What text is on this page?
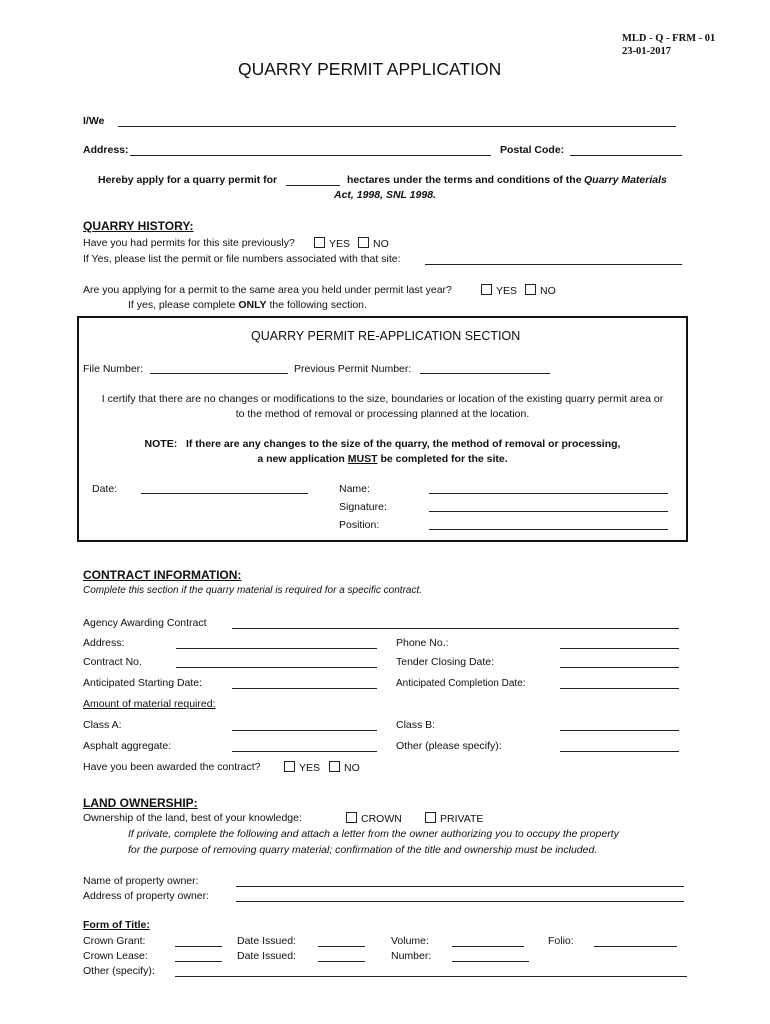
MLD - Q - FRM - 01
23-01-2017
QUARRY PERMIT APPLICATION
I/We
Address:	Postal Code:
Hereby apply for a quarry permit for	hectares under the terms and conditions of the Quarry Materials
Act, 1998, SNL 1998.
QUARRY HISTORY:
Have you had permits for this site previously?	YES	NO
If Yes, please list the permit or file numbers associated with that site:
Are you applying for a permit to the same area you held under permit last year?	YES	NO
If yes, please complete ONLY the following section.
QUARRY PERMIT RE-APPLICATION SECTION
File Number:	Previous Permit Number:
I certify that there are no changes or modifications to the size, boundaries or location of the existing quarry permit area or
to the method of removal or processing planned at the location.
NOTE:   If there are any changes to the size of the quarry, the method of removal or processing,
a new application MUST be completed for the site.
Date:	Name:
Signature:
Position:
CONTRACT INFORMATION:
Complete this section if the quarry material is required for a specific contract.
Agency Awarding Contract
Address:	Phone No.:
Contract No.	Tender Closing Date:
Anticipated Starting Date:	Anticipated Completion Date:
Amount of material required:
Class A:	Class B:
Asphalt aggregate:	Other (please specify):
Have you been awarded the contract?	YES	NO
LAND OWNERSHIP:
Ownership of the land, best of your knowledge:	CROWN	PRIVATE
If private, complete the following and attach a letter from the owner authorizing you to occupy the property
for the purpose of removing quarry material; confirmation of the title and ownership must be included.
Name of property owner:
Address of property owner:
Form of Title:
Crown Grant:	Date Issued:	Volume:	Folio:
Crown Lease:	Date Issued:	Number:
Other (specify):
